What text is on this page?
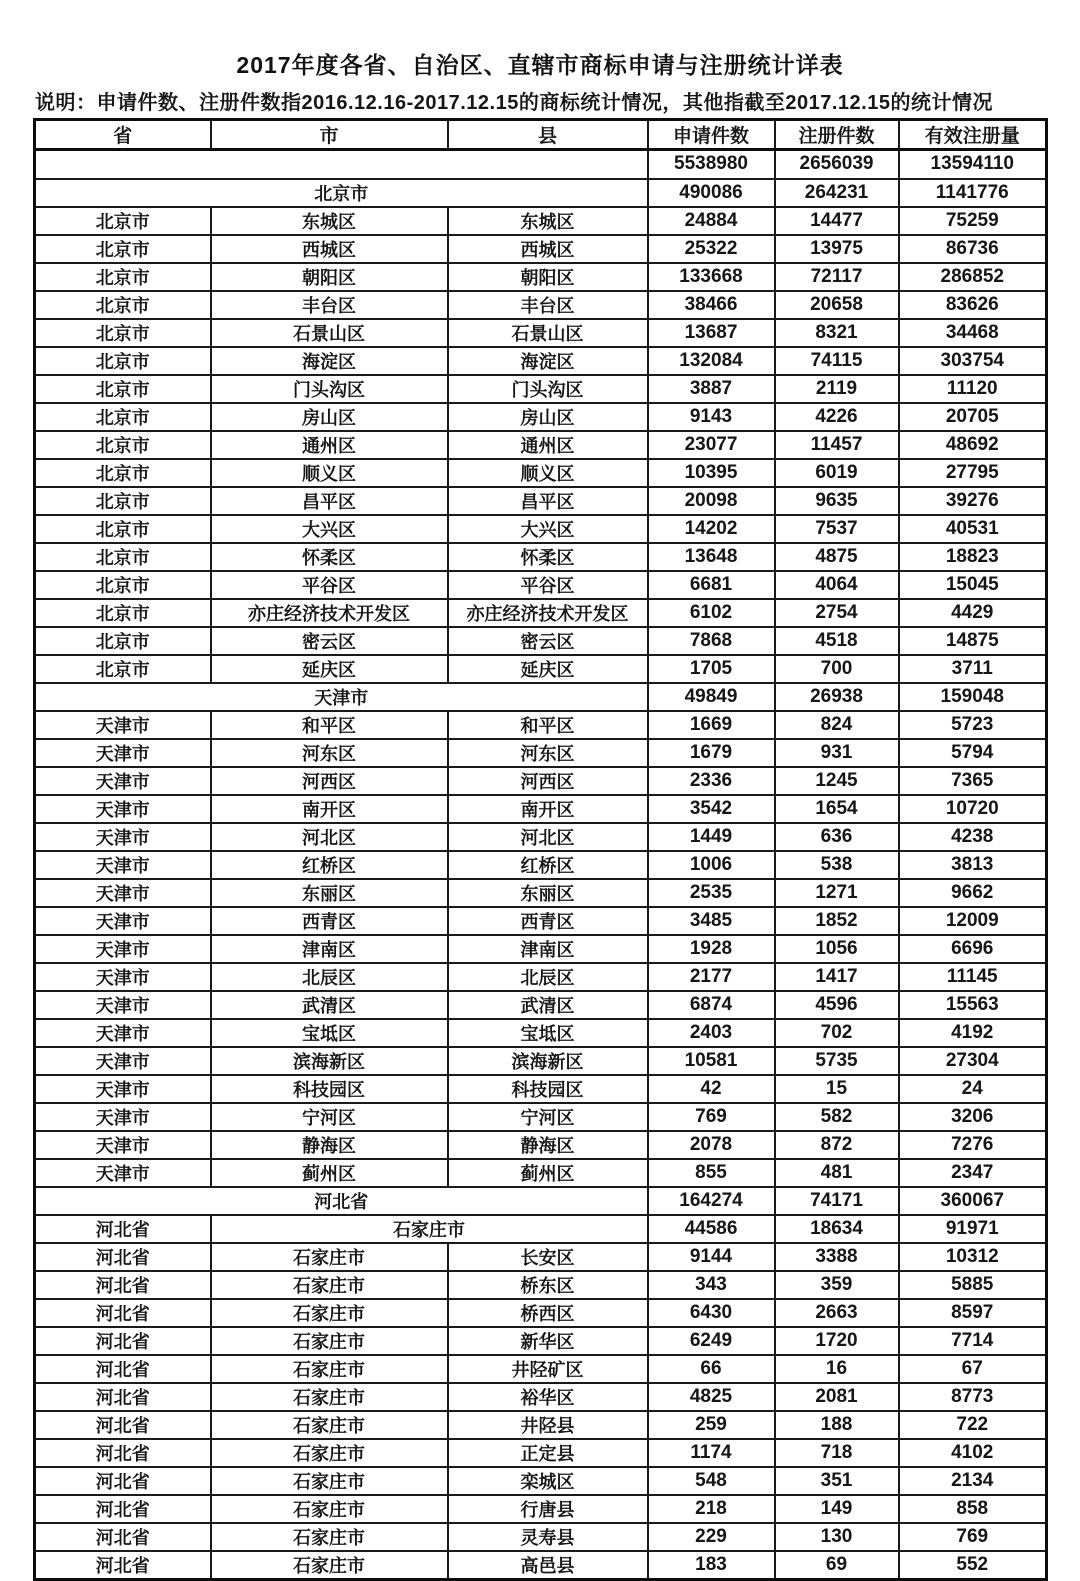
2017年度各省、自治区、直辖市商标申请与注册统计详表
说明：申请件数、注册件数指2016.12.16-2017.12.15的商标统计情况，其他指截至2017.12.15的统计情况
省	市	县	申请件数	注册件数	有效注册量
			5538980	2656039	13594110
北京市			490086	264231	1141776
北京市	东城区	东城区	24884	14477	75259
北京市	西城区	西城区	25322	13975	86736
北京市	朝阳区	朝阳区	133668	72117	286852
北京市	丰台区	丰台区	38466	20658	83626
北京市	石景山区	石景山区	13687	8321	34468
北京市	海淀区	海淀区	132084	74115	303754
北京市	门头沟区	门头沟区	3887	2119	11120
北京市	房山区	房山区	9143	4226	20705
北京市	通州区	通州区	23077	11457	48692
北京市	顺义区	顺义区	10395	6019	27795
北京市	昌平区	昌平区	20098	9635	39276
北京市	大兴区	大兴区	14202	7537	40531
北京市	怀柔区	怀柔区	13648	4875	18823
北京市	平谷区	平谷区	6681	4064	15045
北京市	亦庄经济技术开发区	亦庄经济技术开发区	6102	2754	4429
北京市	密云区	密云区	7868	4518	14875
北京市	延庆区	延庆区	1705	700	3711
天津市			49849	26938	159048
天津市	和平区	和平区	1669	824	5723
天津市	河东区	河东区	1679	931	5794
天津市	河西区	河西区	2336	1245	7365
天津市	南开区	南开区	3542	1654	10720
天津市	河北区	河北区	1449	636	4238
天津市	红桥区	红桥区	1006	538	3813
天津市	东丽区	东丽区	2535	1271	9662
天津市	西青区	西青区	3485	1852	12009
天津市	津南区	津南区	1928	1056	6696
天津市	北辰区	北辰区	2177	1417	11145
天津市	武清区	武清区	6874	4596	15563
天津市	宝坻区	宝坻区	2403	702	4192
天津市	滨海新区	滨海新区	10581	5735	27304
天津市	科技园区	科技园区	42	15	24
天津市	宁河区	宁河区	769	582	3206
天津市	静海区	静海区	2078	872	7276
天津市	蓟州区	蓟州区	855	481	2347
河北省			164274	74171	360067
河北省	石家庄市		44586	18634	91971
河北省	石家庄市	长安区	9144	3388	10312
河北省	石家庄市	桥东区	343	359	5885
河北省	石家庄市	桥西区	6430	2663	8597
河北省	石家庄市	新华区	6249	1720	7714
河北省	石家庄市	井陉矿区	66	16	67
河北省	石家庄市	裕华区	4825	2081	8773
河北省	石家庄市	井陉县	259	188	722
河北省	石家庄市	正定县	1174	718	4102
河北省	石家庄市	栾城区	548	351	2134
河北省	石家庄市	行唐县	218	149	858
河北省	石家庄市	灵寿县	229	130	769
河北省	石家庄市	高邑县	183	69	552
